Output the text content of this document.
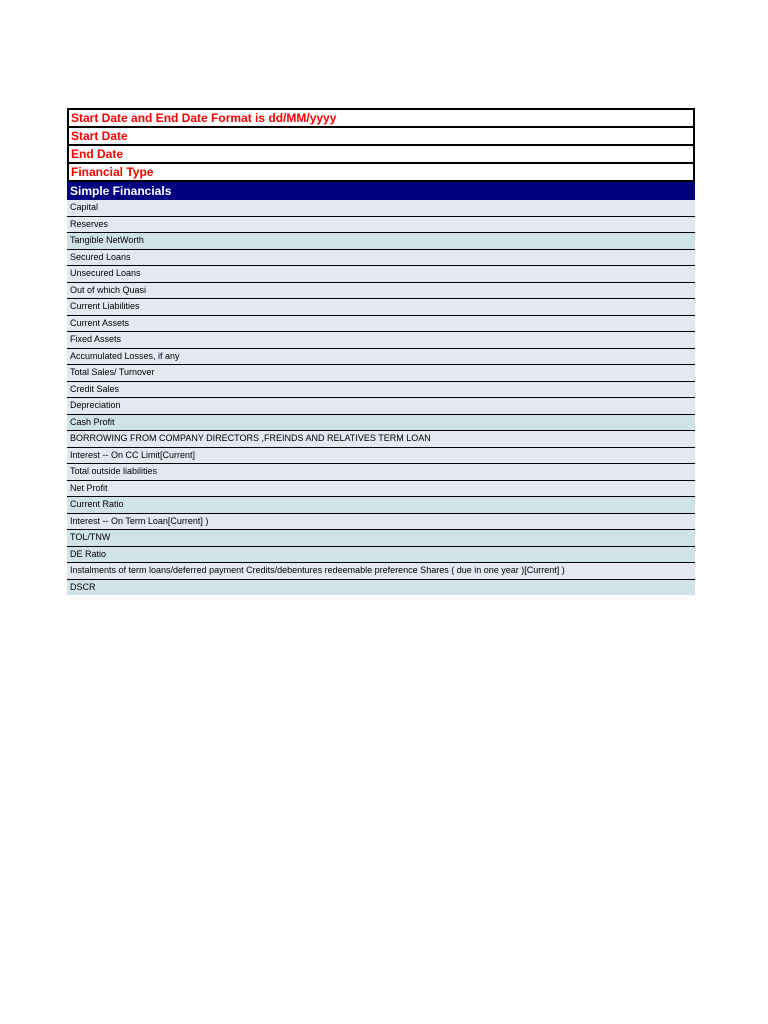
Start Date and End Date Format is dd/MM/yyyy
Start Date
End Date
Financial Type
Simple Financials
Capital
Reserves
Tangible NetWorth
Secured Loans
Unsecured Loans
Out of which Quasi
Current Liabilities
Current Assets
Fixed Assets
Accumulated Losses, if any
Total Sales/ Turnover
Credit Sales
Depreciation
Cash Profit
BORROWING FROM COMPANY DIRECTORS ,FREINDS AND RELATIVES TERM LOAN
Interest -- On CC Limit[Current]
Total outside liabilities
Net Profit
Current Ratio
Interest -- On Term Loan[Current] )
TOL/TNW
DE Ratio
Instalments of term loans/deferred payment Credits/debentures redeemable preference Shares ( due in one year )[Current] )
DSCR
